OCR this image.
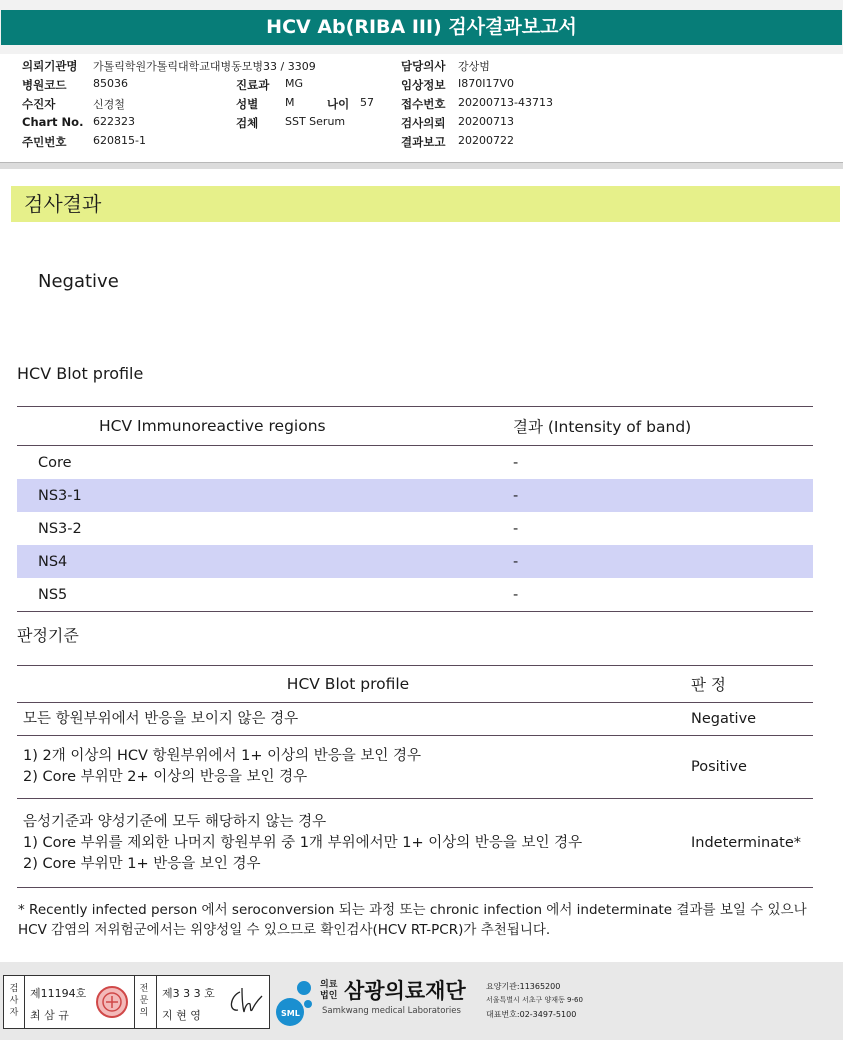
HCV Ab(RIBA III) 검사결과보고서
의뢰기관명 가톨릭학원가톨릭대학교대병동모병33 / 3309
병원코드 85036
수진자	신경철
Chart No. 622323
주민번호 620815-1
진료과 MG
성별 M	나이 57
검체 SST Serum
담당의사 강상범
임상정보 I870I17V0
접수번호 20200713-43713
검사의뢰 20200713
결과보고 20200722
검사결과
Negative
HCV Blot profile
HCV Immunoreactive regions	결과 (Intensity of band)
Core	-
NS3-1	-
NS3-2	-
NS4	-
NS5	-
판정기준
HCV Blot profile	판 정

모든 항원부위에서 반응을 보이지 않은 경우	Negative

1) 2개 이상의 HCV 항원부위에서 1+ 이상의 반응을 보인 경우
2) Core 부위만 2+ 이상의 반응을 보인 경우	Positive

음성기준과 양성기준에 모두 해당하지 않는 경우
1) Core 부위를 제외한 나머지 항원부위 중 1개 부위에서만 1+ 이상의 반응을 보인 경우
2) Core 부위만 1+ 반응을 보인 경우	Indeterminate*
* Recently infected person 에서 seroconversion 되는 과정 또는 chronic infection 에서 indeterminate 결과를 보일 수 있으나 HCV 감염의 저위험군에서는 위양성일 수 있으므로 확인검사(HCV RT-PCR)가 추천됩니다.
검사자
제11194호
최 삼 규
전문의
제3 3 3 호
지 현 영	SML
의료법인 삼광의료재단
Samkwang medical Laboratories
요양기관:11365200
서울특별시 서초구 양재동 9-60
대표번호:02-3497-5100
